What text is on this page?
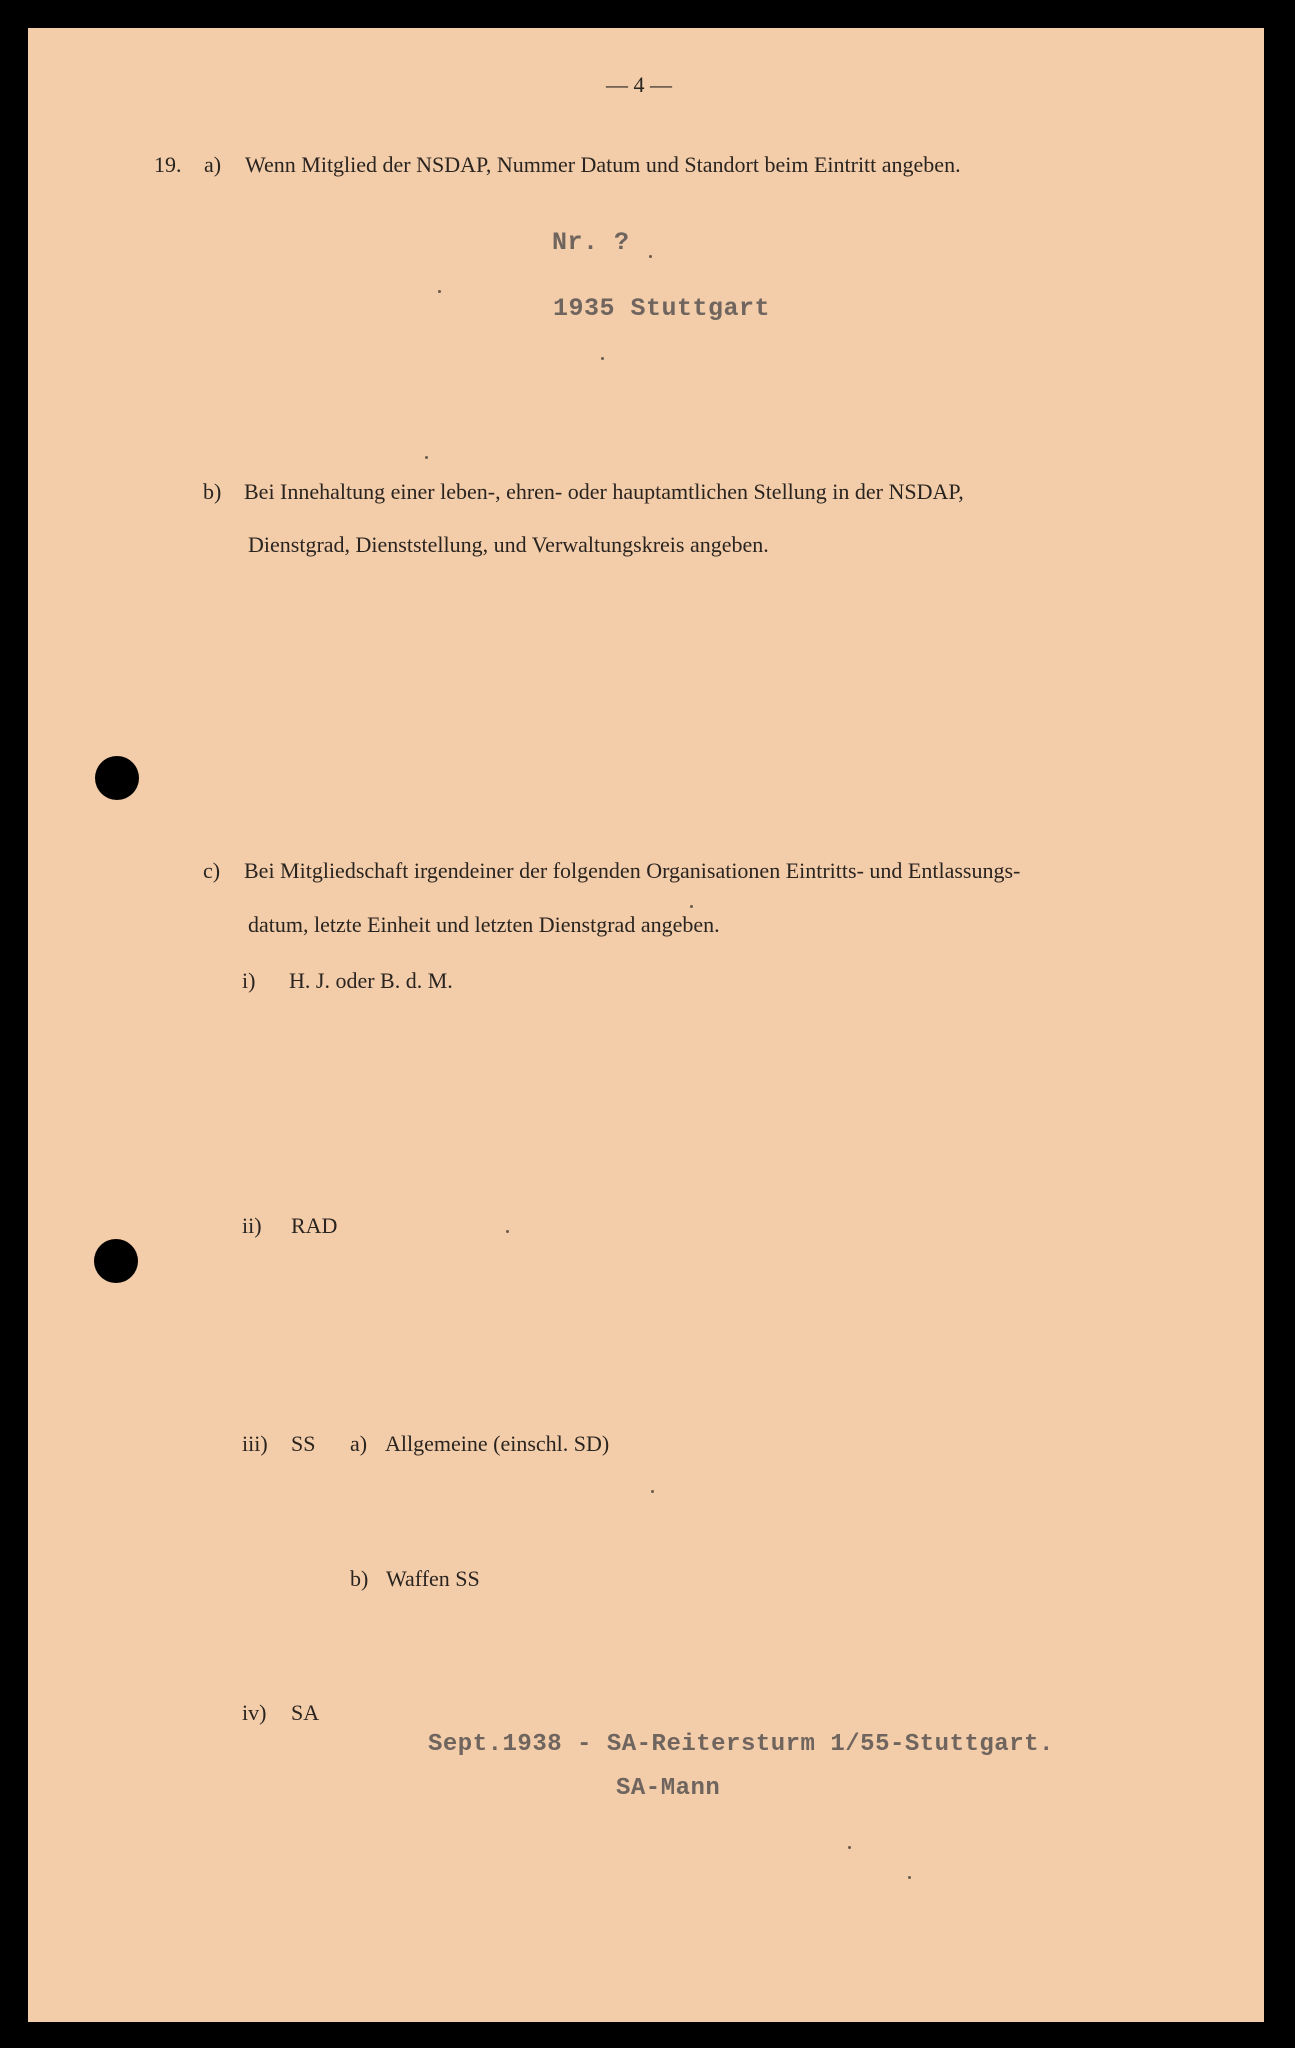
— 4 —
19. a) Wenn Mitglied der NSDAP, Nummer Datum und Standort beim Eintritt angeben.
Nr. ?
1935 Stuttgart
b) Bei Innehaltung einer leben-, ehren- oder hauptamtlichen Stellung in der NSDAP,
Dienstgrad, Dienststellung, und Verwaltungskreis angeben.
c) Bei Mitgliedschaft irgendeiner der folgenden Organisationen Eintritts- und Entlassungs-
datum, letzte Einheit und letzten Dienstgrad angeben.
i) H. J. oder B. d. M.
ii) RAD
iii) SS a) Allgemeine (einschl. SD)
b) Waffen SS
iv) SA
Sept.1938 - SA-Reitersturm 1/55-Stuttgart.
SA-Mann
